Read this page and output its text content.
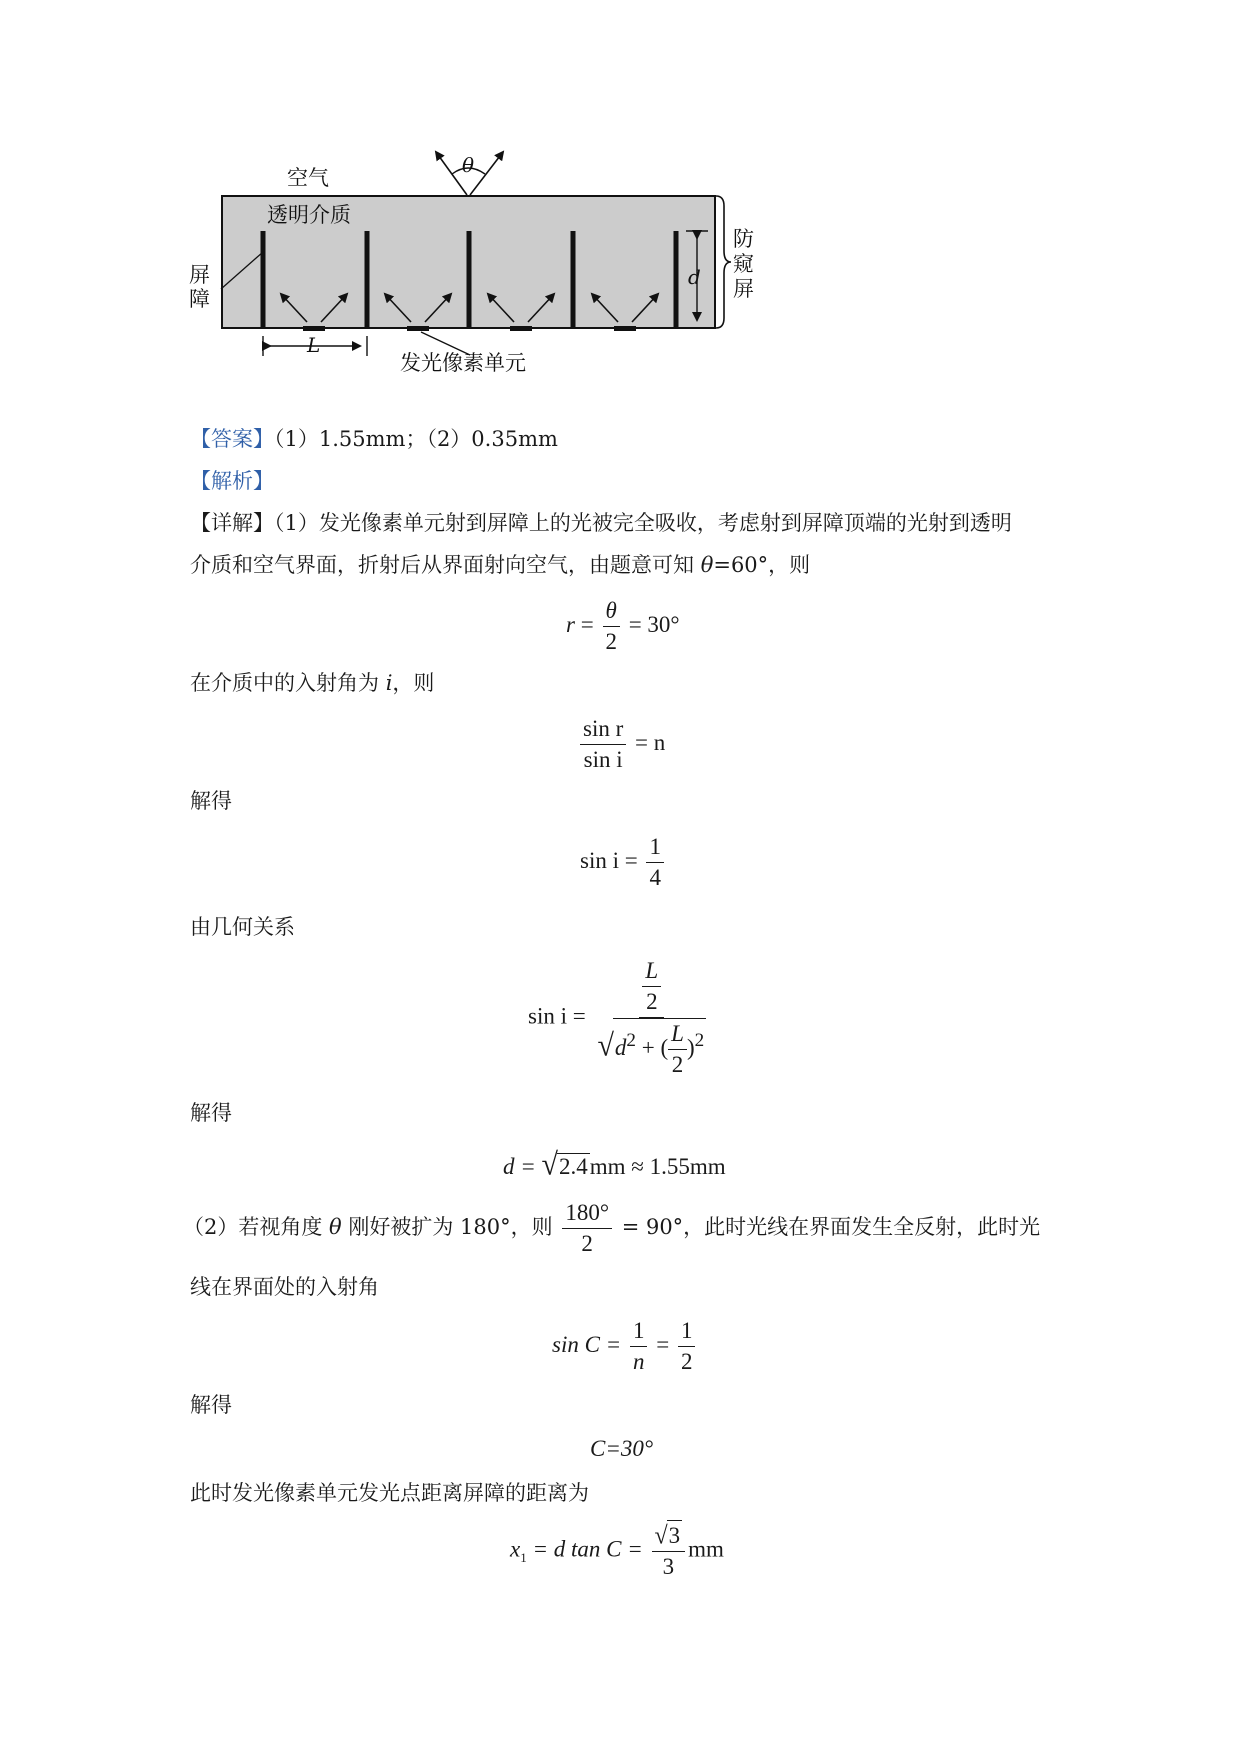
空气
透明介质
屏
障
防
窥
屏
发光像素单元
θ
d
L
【答案】（1）1.55mm；（2）0.35mm
【解析】
【详解】（1）发光像素单元射到屏障上的光被完全吸收，考虑射到屏障顶端的光射到透明
介质和空气界面，折射后从界面射向空气，由题意可知 θ=60°，则
$r = \frac{\theta}{2} = 30^\circ$
在介质中的入射角为 i，则
$\frac{\text{sin r}}{\text{sin i}} = n$
解得
$\sin i = \frac{1}{4}$
由几何关系
$\sin i = \frac{\frac{L}{2}}{√d^2 + ( \frac{L}{2} )^2}$
解得
d = √2.4mm ≈ 1.55mm
（2）若视角度 θ 刚好被扩为 180°，则 $\frac{180^\circ}{2} = 90^\circ$，此时光线在界面发生全反射，此时光
线在界面处的入射角
$\sin C = \frac{1}{n} = \frac{1}{2}$
解得
C=30°
此时发光像素单元发光点距离屏障的距离为
$x_1 = d$ $\tan C = \frac{√3}{3}$ mm
